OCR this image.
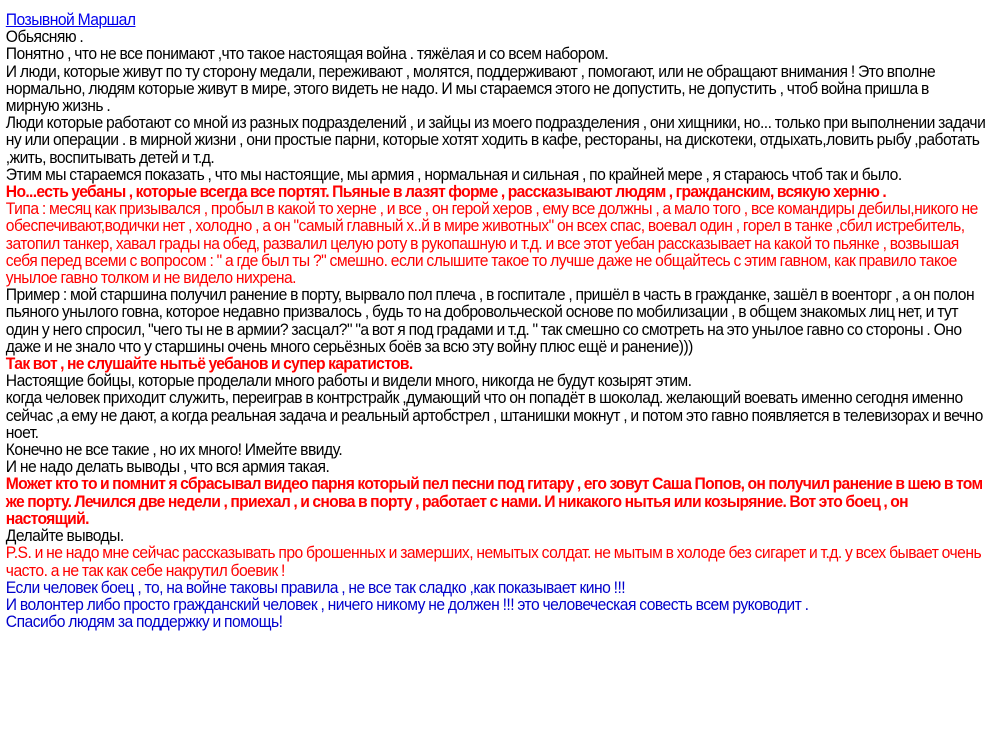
Позывной Маршал
Обьясняю .
Понятно , что не все понимают ,что такое настоящая война . тяжёлая и со всем набором.
И люди, которые живут по ту сторону медали, переживают , молятся, поддерживают , помогают, или не обращают внимания ! Это вполне нормально, людям которые живут в мире, этого видеть не надо. И мы стараемся этого не допустить, не допустить , чтоб война пришла в мирную жизнь .
Люди которые работают со мной из разных подразделений , и зайцы из моего подразделения , они хищники, но... только при выполнении задачи ну или операции . в мирной жизни , они простые парни, которые хотят ходить в кафе, рестораны, на дискотеки, отдыхать,ловить рыбу ,работать ,жить, воспитывать детей и т.д.
Этим мы стараемся показать , что мы настоящие, мы армия , нормальная и сильная , по крайней мере , я стараюсь чтоб так и было.
Но...есть уебаны , которые всегда все портят. Пьяные в лазят форме , рассказывают людям , гражданским, всякую херню .
Типа : месяц как призывался , пробыл в какой то херне , и все , он герой херов , ему все должны , а мало того , все командиры дебилы,никого не обеспечивают,водички нет , холодно , а он "самый главный х..й в мире животных" он всех спас, воевал один , горел в танке ,сбил истребитель, затопил танкер, хавал грады на обед, развалил целую роту в рукопашную и т.д. и все этот уебан рассказывает на какой то пьянке , возвышая себя перед всеми с вопросом : " а где был ты ?" смешно. если слышите такое то лучше даже не общайтесь с этим гавном, как правило такое унылое гавно толком и не видело нихрена.
Пример : мой старшина получил ранение в порту, вырвало пол плеча , в госпитале , пришёл в часть в гражданке, зашёл в военторг , а он полон пьяного унылого говна, которое недавно призвалось , будь то на добровольческой основе по мобилизации , в общем знакомых лиц нет, и тут один у него спросил, "чего ты не в армии? засцал?" "а вот я под градами и т.д. " так смешно со смотреть на это унылое гавно со стороны . Оно даже и не знало что у старшины очень много серьёзных боёв за всю эту войну плюс ещё и ранение)))
Так вот , не слушайте нытьё уебанов и супер каратистов.
Настоящие бойцы, которые проделали много работы и видели много, никогда не будут козырят этим.
когда человек приходит служить, переиграв в контрстрайк ,думающий что он попадёт в шоколад. желающий воевать именно сегодня именно сейчас ,а ему не дают, а когда реальная задача и реальный артобстрел , штанишки мокнут , и потом это гавно появляется в телевизорах и вечно ноет.
Конечно не все такие , но их много! Имейте ввиду.
И не надо делать выводы , что вся армия такая.
Может кто то и помнит я сбрасывал видео парня который пел песни под гитару , его зовут Саша Попов, он получил ранение в шею в том же порту. Лечился две недели , приехал , и снова в порту , работает с нами. И никакого нытья или козыряние. Вот это боец , он настоящий.
Делайте выводы.
P.S. и не надо мне сейчас рассказывать про брошенных и замерших, немытых солдат. не мытым в холоде без сигарет и т.д. у всех бывает очень часто. а не так как себе накрутил боевик !
Если человек боец , то, на войне таковы правила , не все так сладко ,как показывает кино !!!
И волонтер либо просто гражданский человек , ничего никому не должен !!! это человеческая совесть всем руководит .
Спасибо людям за поддержку и помощь!
